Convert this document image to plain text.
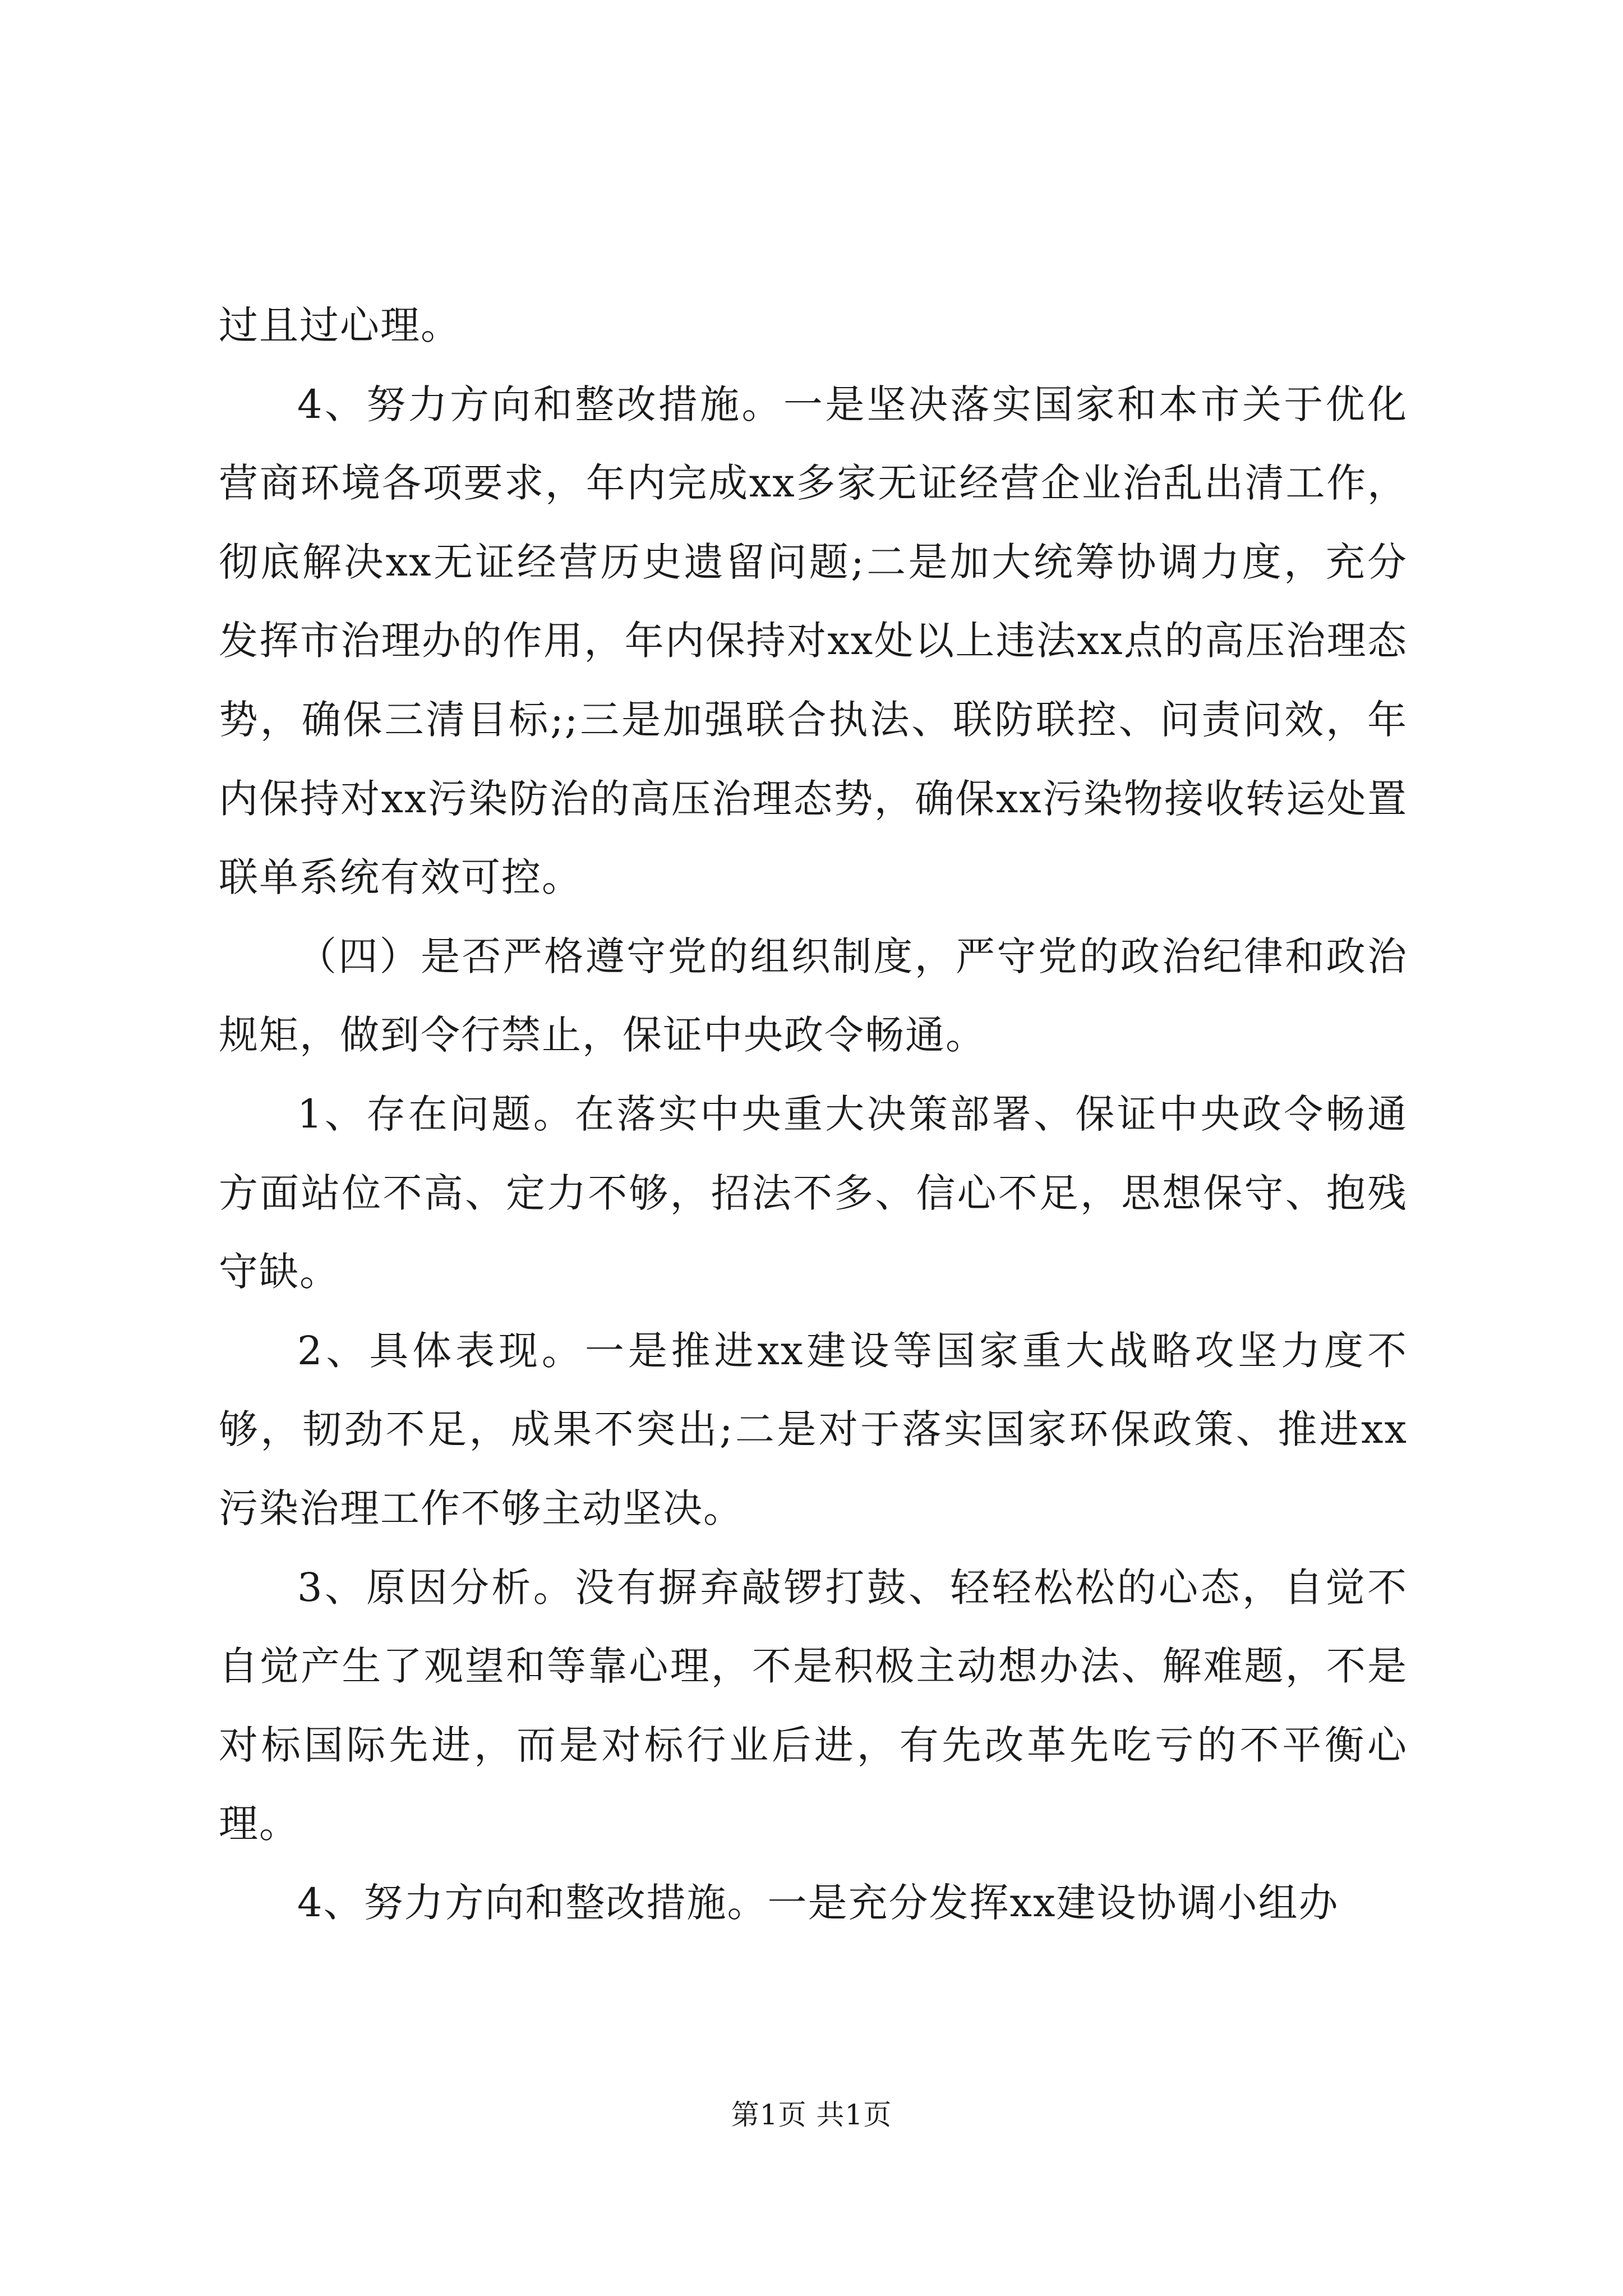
过且过心理。

4、努力方向和整改措施。一是坚决落实国家和本市关于优化营商环境各项要求，年内完成xx多家无证经营企业治乱出清工作，彻底解决xx无证经营历史遗留问题;二是加大统筹协调力度，充分发挥市治理办的作用，年内保持对xx处以上违法xx点的高压治理态势，确保三清目标;;三是加强联合执法、联防联控、问责问效，年内保持对xx污染防治的高压治理态势，确保xx污染物接收转运处置联单系统有效可控。

（四）是否严格遵守党的组织制度，严守党的政治纪律和政治规矩，做到令行禁止，保证中央政令畅通。

1、存在问题。在落实中央重大决策部署、保证中央政令畅通方面站位不高、定力不够，招法不多、信心不足，思想保守、抱残守缺。

2、具体表现。一是推进xx建设等国家重大战略攻坚力度不够，韧劲不足，成果不突出;二是对于落实国家环保政策、推进xx污染治理工作不够主动坚决。

3、原因分析。没有摒弃敲锣打鼓、轻轻松松的心态，自觉不自觉产生了观望和等靠心理，不是积极主动想办法、解难题，不是对标国际先进，而是对标行业后进，有先改革先吃亏的不平衡心理。

4、努力方向和整改措施。一是充分发挥xx建设协调小组办

第1页 共1页
